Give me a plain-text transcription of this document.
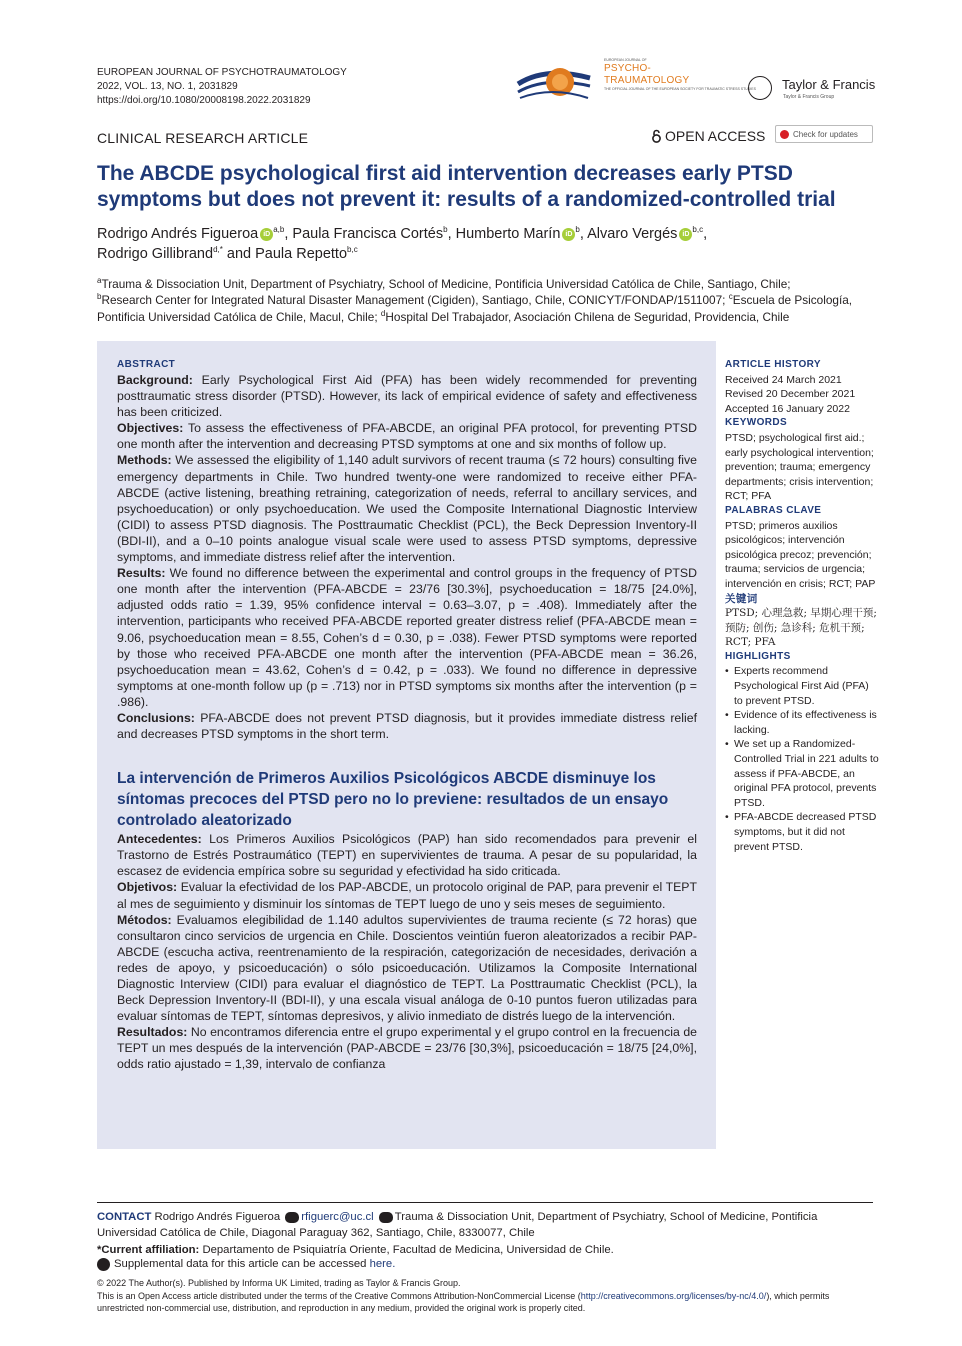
EUROPEAN JOURNAL OF PSYCHOTRAUMATOLOGY
2022, VOL. 13, NO. 1, 2031829
https://doi.org/10.1080/20008198.2022.2031829
EUROPEAN JOURNAL OF
PSYCHO-
TRAUMATOLOGY
THE OFFICIAL JOURNAL OF THE EUROPEAN SOCIETY FOR TRAUMATIC STRESS STUDIES Taylor & Francis
Taylor & Francis Group
CLINICAL RESEARCH ARTICLE	OPEN ACCESS	Check for updates
The ABCDE psychological first aid intervention decreases early PTSD symptoms but does not prevent it: results of a randomized-controlled trial
Rodrigo Andrés Figueroa iD $^{a,b}$, Paula Francisca Cortés$^b$, Humberto Marín iD $^b$, Alvaro Vergés iD $^{b,c}$,
Rodrigo Gillibrand$^{d,*}$ and Paula Repetto$^{b,c}$
$^a$Trauma & Dissociation Unit, Department of Psychiatry, School of Medicine, Pontificia Universidad Católica de Chile, Santiago, Chile;
$^b$Research Center for Integrated Natural Disaster Management (Cigiden), Santiago, Chile, CONICYT/FONDAP/1511007; $^c$Escuela de Psicología, Pontificia Universidad Católica de Chile, Macul, Chile; $^d$Hospital Del Trabajador, Asociación Chilena de Seguridad, Providencia, Chile

ABSTRACT

Background: Early Psychological First Aid (PFA) has been widely recommended for preventing posttraumatic stress disorder (PTSD). However, its lack of empirical evidence of safety and effectiveness has been criticized.

Objectives: To assess the effectiveness of PFA-ABCDE, an original PFA protocol, for preventing PTSD one month after the intervention and decreasing PTSD symptoms at one and six months of follow up.

Methods: We assessed the eligibility of 1,140 adult survivors of recent trauma (≤ 72 hours) consulting five emergency departments in Chile. Two hundred twenty-one were randomized to receive either PFA-ABCDE (active listening, breathing retraining, categorization of needs, referral to ancillary services, and psychoeducation) or only psychoeducation. We used the Composite International Diagnostic Interview (CIDI) to assess PTSD diagnosis. The Posttraumatic Checklist (PCL), the Beck Depression Inventory-II (BDI-II), and a 0–10 points analogue visual scale were used to assess PTSD symptoms, depressive symptoms, and immediate distress relief after the intervention.

Results: We found no difference between the experimental and control groups in the frequency of PTSD one month after the intervention (PFA-ABCDE = 23/76 [30.3%], psychoeducation = 18/75 [24.0%], adjusted odds ratio = 1.39, 95% confidence interval = 0.63–3.07, p = .408). Immediately after the intervention, participants who received PFA-ABCDE reported greater distress relief (PFA-ABCDE mean = 9.06, psychoeducation mean = 8.55, Cohen’s d = 0.30, p = .038). Fewer PTSD symptoms were reported by those who received PFA-ABCDE one month after the intervention (PFA-ABCDE mean = 36.26, psychoeducation mean = 43.62, Cohen’s d = 0.42, p = .033). We found no difference in depressive symptoms at one-month follow up (p = .713) nor in PTSD symptoms six months after the intervention (p = .986).

Conclusions: PFA-ABCDE does not prevent PTSD diagnosis, but it provides immediate distress relief and decreases PTSD symptoms in the short term.

La intervención de Primeros Auxilios Psicológicos ABCDE disminuye los síntomas precoces del PTSD pero no lo previene: resultados de un ensayo controlado aleatorizado

Antecedentes: Los Primeros Auxilios Psicológicos (PAP) han sido recomendados para prevenir el Trastorno de Estrés Postraumático (TEPT) en supervivientes de trauma. A pesar de su popularidad, la escasez de evidencia empírica sobre su seguridad y efectividad ha sido criticada.

Objetivos: Evaluar la efectividad de los PAP-ABCDE, un protocolo original de PAP, para prevenir el TEPT al mes de seguimiento y disminuir los síntomas de TEPT luego de uno y seis meses de seguimiento.

Métodos: Evaluamos elegibilidad de 1.140 adultos supervivientes de trauma reciente (≤ 72 horas) que consultaron cinco servicios de urgencia en Chile. Doscientos veintiún fueron aleatorizados a recibir PAP-ABCDE (escucha activa, reentrenamiento de la respiración, categorización de necesidades, derivación a redes de apoyo, y psicoeducación) o sólo psicoeducación. Utilizamos la Composite International Diagnostic Interview (CIDI) para evaluar el diagnóstico de TEPT. La Posttraumatic Checklist (PCL), la Beck Depression Inventory-II (BDI-II), y una escala visual análoga de 0-10 puntos fueron utilizadas para evaluar síntomas de TEPT, síntomas depresivos, y alivio inmediato de distrés luego de la intervención.

Resultados: No encontramos diferencia entre el grupo experimental y el grupo control en la frecuencia de TEPT un mes después de la intervención (PAP-ABCDE = 23/76 [30,3%], psicoeducación = 18/75 [24,0%], odds ratio ajustado = 1,39, intervalo de confianza

ARTICLE HISTORY

Received 24 March 2021

Revised 20 December 2021

Accepted 16 January 2022

KEYWORDS

PTSD; psychological first aid.; early psychological intervention; prevention; trauma; emergency departments; crisis intervention; RCT; PFA

PALABRAS CLAVE

PTSD; primeros auxilios psicológicos; intervención psicológica precoz; prevención; trauma; servicios de urgencia; intervención en crisis; RCT; PAP

关键词

PTSD; 心理急救; 早期心理干预; 预防; 创伤; 急诊科; 危机干预; RCT; PFA

HIGHLIGHTS

• Experts recommend Psychological First Aid (PFA) to prevent PTSD.
• Evidence of its effectiveness is lacking.
• We set up a Randomized-Controlled Trial in 221 adults to assess if PFA-ABCDE, an original PFA protocol, prevents PTSD.
• PFA-ABCDE decreased PTSD symptoms, but it did not prevent PTSD.
CONTACT Rodrigo Andrés Figueroa rfiguerc@uc.cl Trauma & Dissociation Unit, Department of Psychiatry, School of Medicine, Pontificia Universidad Católica de Chile, Diagonal Paraguay 362, Santiago, Chile, 8330077, Chile
*Current affiliation: Departamento de Psiquiatría Oriente, Facultad de Medicina, Universidad de Chile.
Supplemental data for this article can be accessed here.
© 2022 The Author(s). Published by Informa UK Limited, trading as Taylor & Francis Group.
This is an Open Access article distributed under the terms of the Creative Commons Attribution-NonCommercial License (http://creativecommons.org/licenses/by-nc/4.0/), which permits unrestricted non-commercial use, distribution, and reproduction in any medium, provided the original work is properly cited.
